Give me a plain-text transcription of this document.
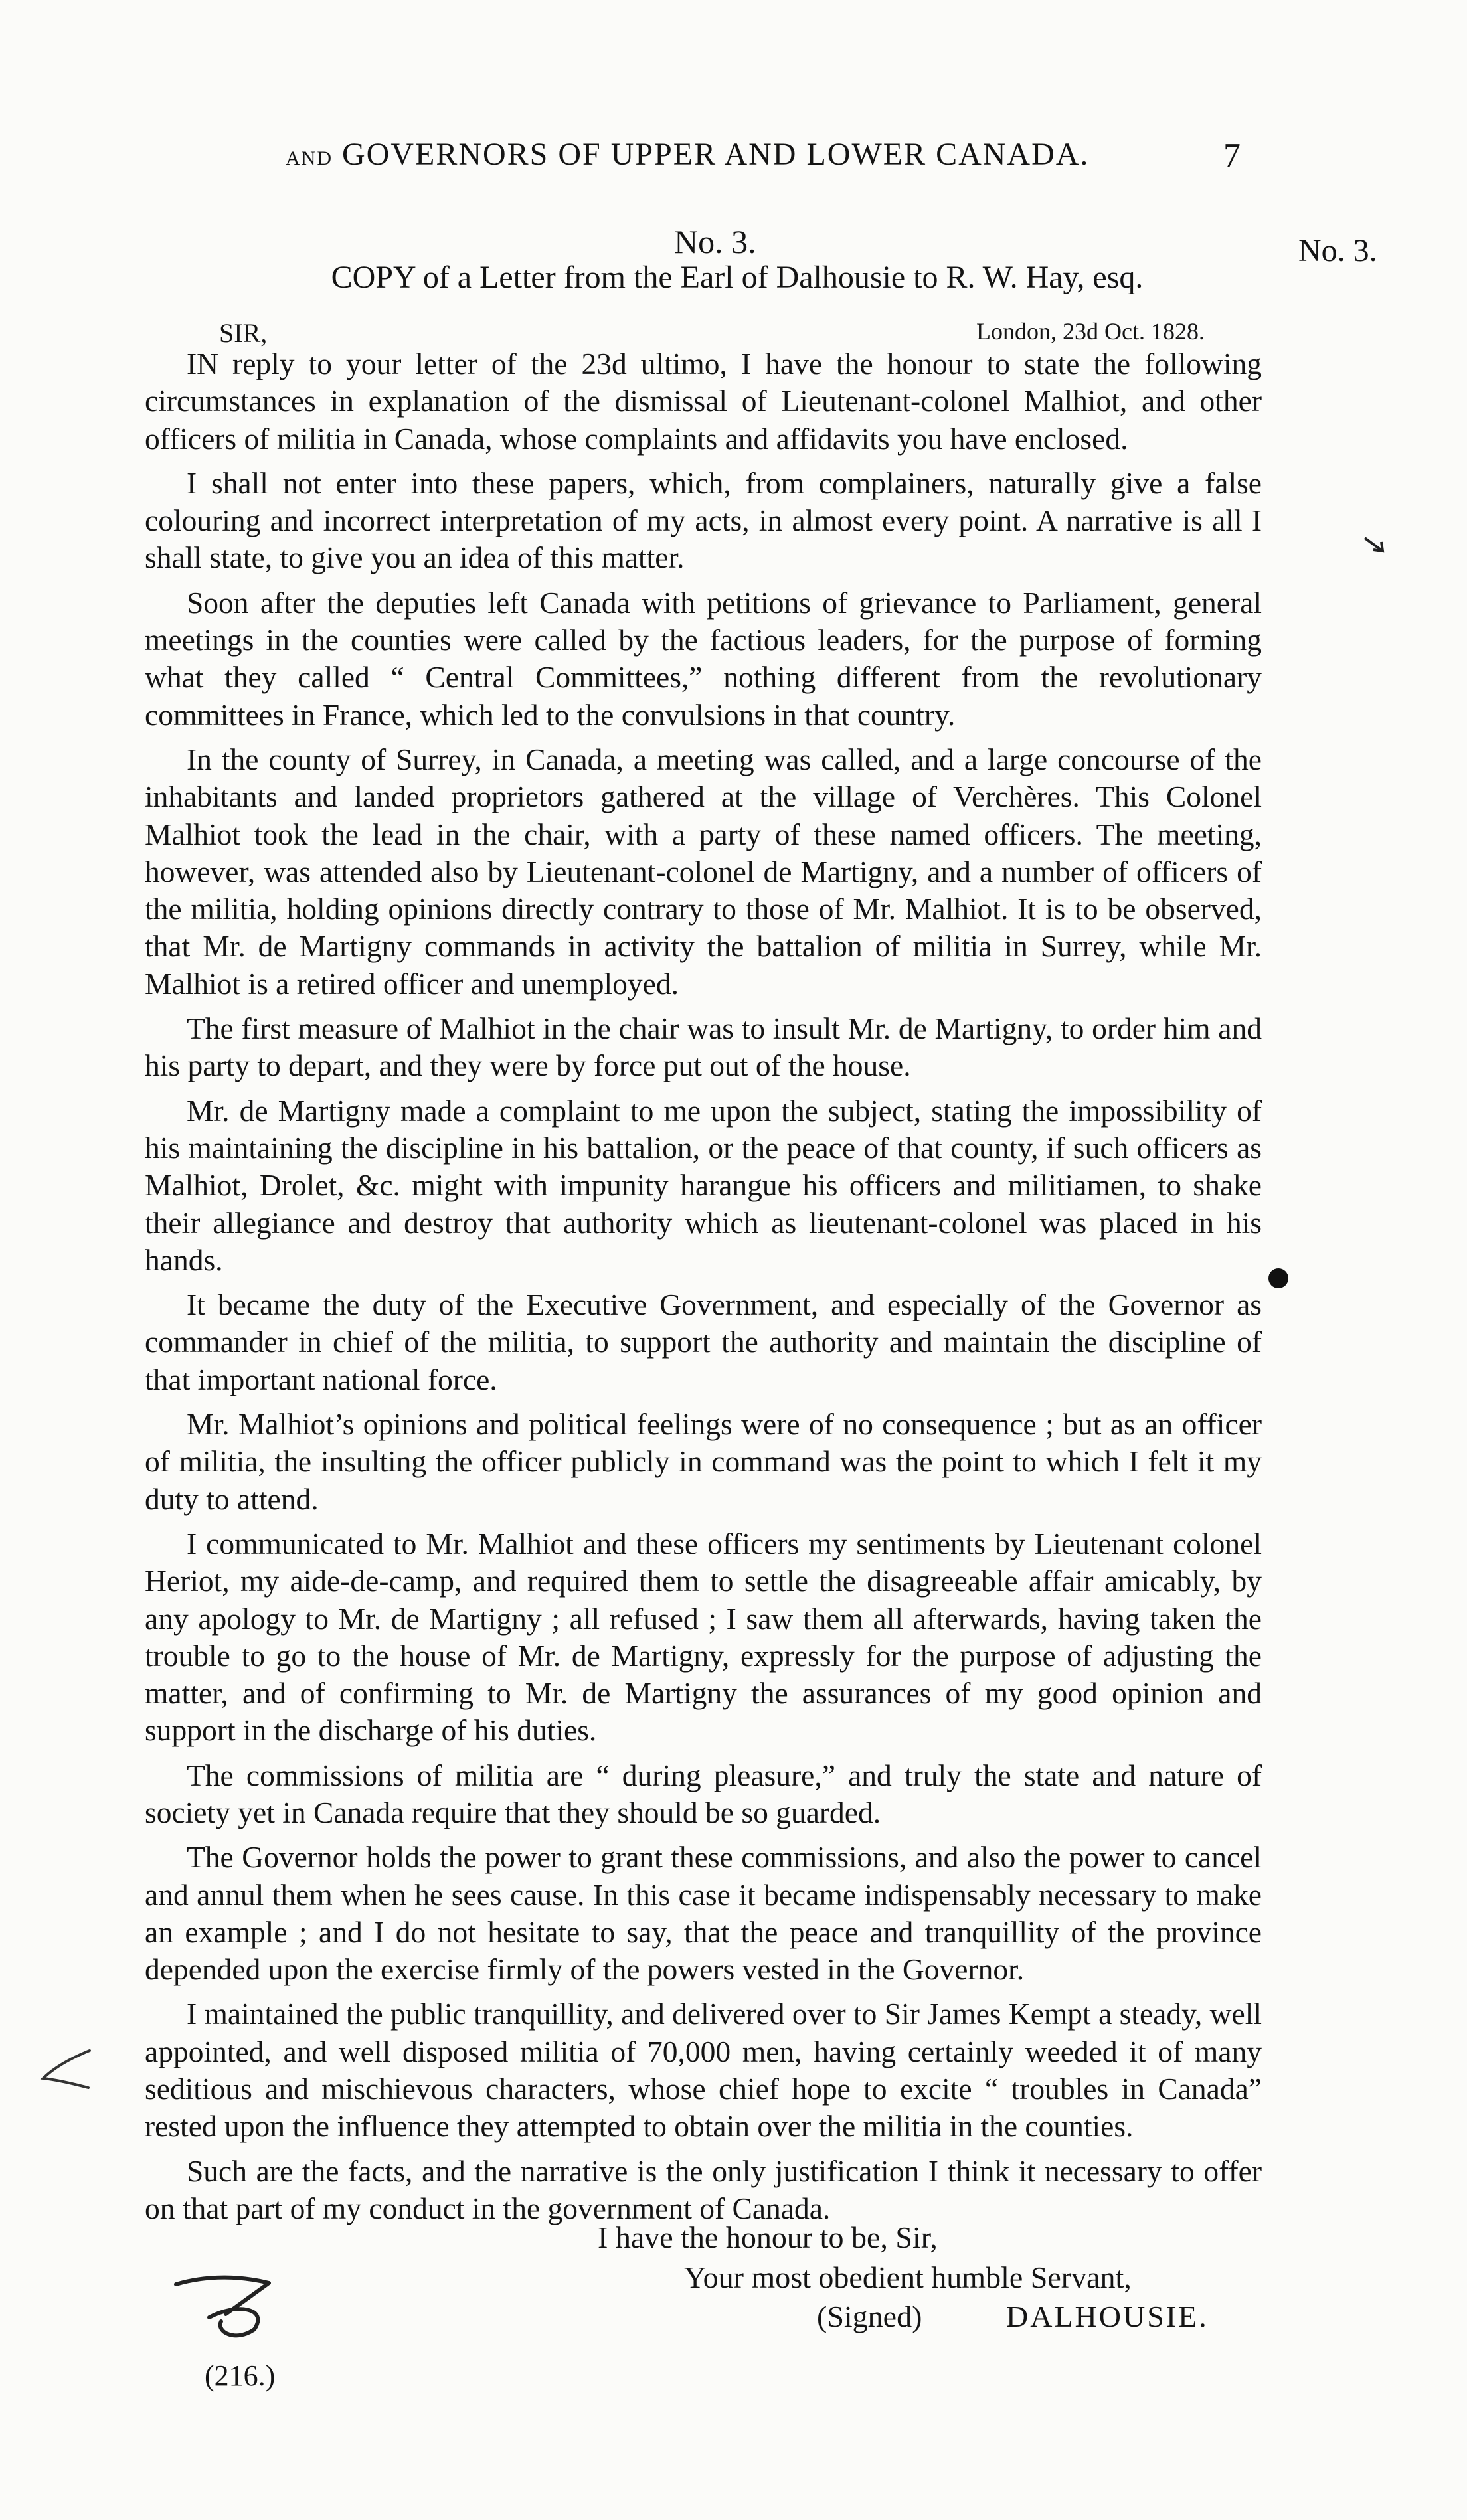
AND GOVERNORS OF UPPER AND LOWER CANADA.	7
No. 3.	No. 3.
COPY of a Letter from the Earl of Dalhousie to R. W. Hay, esq.
SIR,	London, 23d Oct. 1828.

IN reply to your letter of the 23d ultimo, I have the honour to state the following circumstances in explanation of the dismissal of Lieutenant-colonel Malhiot, and other officers of militia in Canada, whose complaints and affidavits you have enclosed.

I shall not enter into these papers, which, from complainers, naturally give a false colouring and incorrect interpretation of my acts, in almost every point. A narrative is all I shall state, to give you an idea of this matter.

Soon after the deputies left Canada with petitions of grievance to Parliament, general meetings in the counties were called by the factious leaders, for the purpose of forming what they called “ Central Committees,” nothing different from the revolutionary committees in France, which led to the convulsions in that country.

In the county of Surrey, in Canada, a meeting was called, and a large concourse of the inhabitants and landed proprietors gathered at the village of Verchères. This Colonel Malhiot took the lead in the chair, with a party of these named officers. The meeting, however, was attended also by Lieutenant-colonel de Martigny, and a number of officers of the militia, holding opinions directly contrary to those of Mr. Malhiot. It is to be observed, that Mr. de Martigny commands in activity the battalion of militia in Surrey, while Mr. Malhiot is a retired officer and unemployed.

The first measure of Malhiot in the chair was to insult Mr. de Martigny, to order him and his party to depart, and they were by force put out of the house.

Mr. de Martigny made a complaint to me upon the subject, stating the impossibility of his maintaining the discipline in his battalion, or the peace of that county, if such officers as Malhiot, Drolet, &c. might with impunity harangue his officers and militiamen, to shake their allegiance and destroy that authority which as lieutenant-colonel was placed in his hands.

It became the duty of the Executive Government, and especially of the Governor as commander in chief of the militia, to support the authority and maintain the discipline of that important national force.

Mr. Malhiot’s opinions and political feelings were of no consequence ; but as an officer of militia, the insulting the officer publicly in command was the point to which I felt it my duty to attend.

I communicated to Mr. Malhiot and these officers my sentiments by Lieutenant colonel Heriot, my aide-de-camp, and required them to settle the disagreeable affair amicably, by any apology to Mr. de Martigny ; all refused ; I saw them all afterwards, having taken the trouble to go to the house of Mr. de Martigny, expressly for the purpose of adjusting the matter, and of confirming to Mr. de Martigny the assurances of my good opinion and support in the discharge of his duties.

The commissions of militia are “ during pleasure,” and truly the state and nature of society yet in Canada require that they should be so guarded.

The Governor holds the power to grant these commissions, and also the power to cancel and annul them when he sees cause. In this case it became indispensably necessary to make an example ; and I do not hesitate to say, that the peace and tranquillity of the province depended upon the exercise firmly of the powers vested in the Governor.

I maintained the public tranquillity, and delivered over to Sir James Kempt a steady, well appointed, and well disposed militia of 70,000 men, having certainly weeded it of many seditious and mischievous characters, whose chief hope to excite “ troubles in Canada” rested upon the influence they attempted to obtain over the militia in the counties.

Such are the facts, and the narrative is the only justification I think it necessary to offer on that part of my conduct in the government of Canada.

I have the honour to be, Sir,
Your most obedient humble Servant,
(Signed)	DALHOUSIE.
(216.)
